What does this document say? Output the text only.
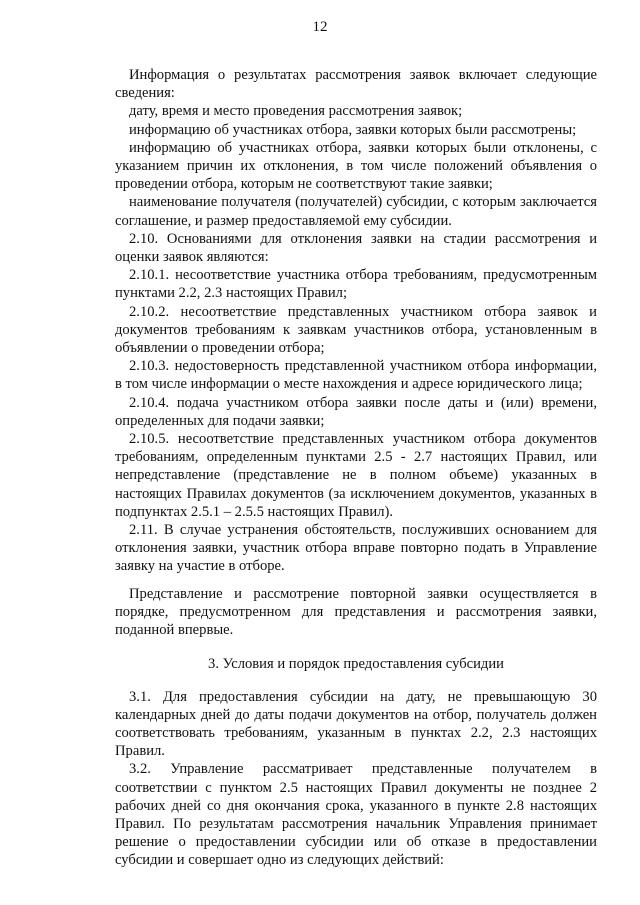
12

Информация о результатах рассмотрения заявок включает следующие сведения:

дату, время и место проведения рассмотрения заявок;

информацию об участниках отбора, заявки которых были рассмотрены;

информацию об участниках отбора, заявки которых были отклонены, с указанием причин их отклонения, в том числе положений объявления о проведении отбора, которым не соответствуют такие заявки;

наименование получателя (получателей) субсидии, с которым заключается соглашение, и размер предоставляемой ему субсидии.

2.10. Основаниями для отклонения заявки на стадии рассмотрения и оценки заявок являются:

2.10.1. несоответствие участника отбора требованиям, предусмотренным пунктами 2.2, 2.3 настоящих Правил;

2.10.2. несоответствие представленных участником отбора заявок и документов требованиям к заявкам участников отбора, установленным в объявлении о проведении отбора;

2.10.3. недостоверность представленной участником отбора информации, в том числе информации о месте нахождения и адресе юридического лица;

2.10.4. подача участником отбора заявки после даты и (или) времени, определенных для подачи заявки;

2.10.5. несоответствие представленных участником отбора документов требованиям, определенным пунктами 2.5 - 2.7 настоящих Правил, или непредставление (представление не в полном объеме) указанных в настоящих Правилах документов (за исключением документов, указанных в подпунктах 2.5.1 – 2.5.5 настоящих Правил).

2.11. В случае устранения обстоятельств, послуживших основанием для отклонения заявки, участник отбора вправе повторно подать в Управление заявку на участие в отборе.

Представление и рассмотрение повторной заявки осуществляется в порядке, предусмотренном для представления и рассмотрения заявки, поданной впервые.

3. Условия и порядок предоставления субсидии

3.1. Для предоставления субсидии на дату, не превышающую 30 календарных дней до даты подачи документов на отбор, получатель должен соответствовать требованиям, указанным в пунктах 2.2, 2.3 настоящих Правил.

3.2. Управление рассматривает представленные получателем в соответствии с пунктом 2.5 настоящих Правил документы не позднее 2 рабочих дней со дня окончания срока, указанного в пункте 2.8 настоящих Правил. По результатам рассмотрения начальник Управления принимает решение о предоставлении субсидии или об отказе в предоставлении субсидии и совершает одно из следующих действий:
